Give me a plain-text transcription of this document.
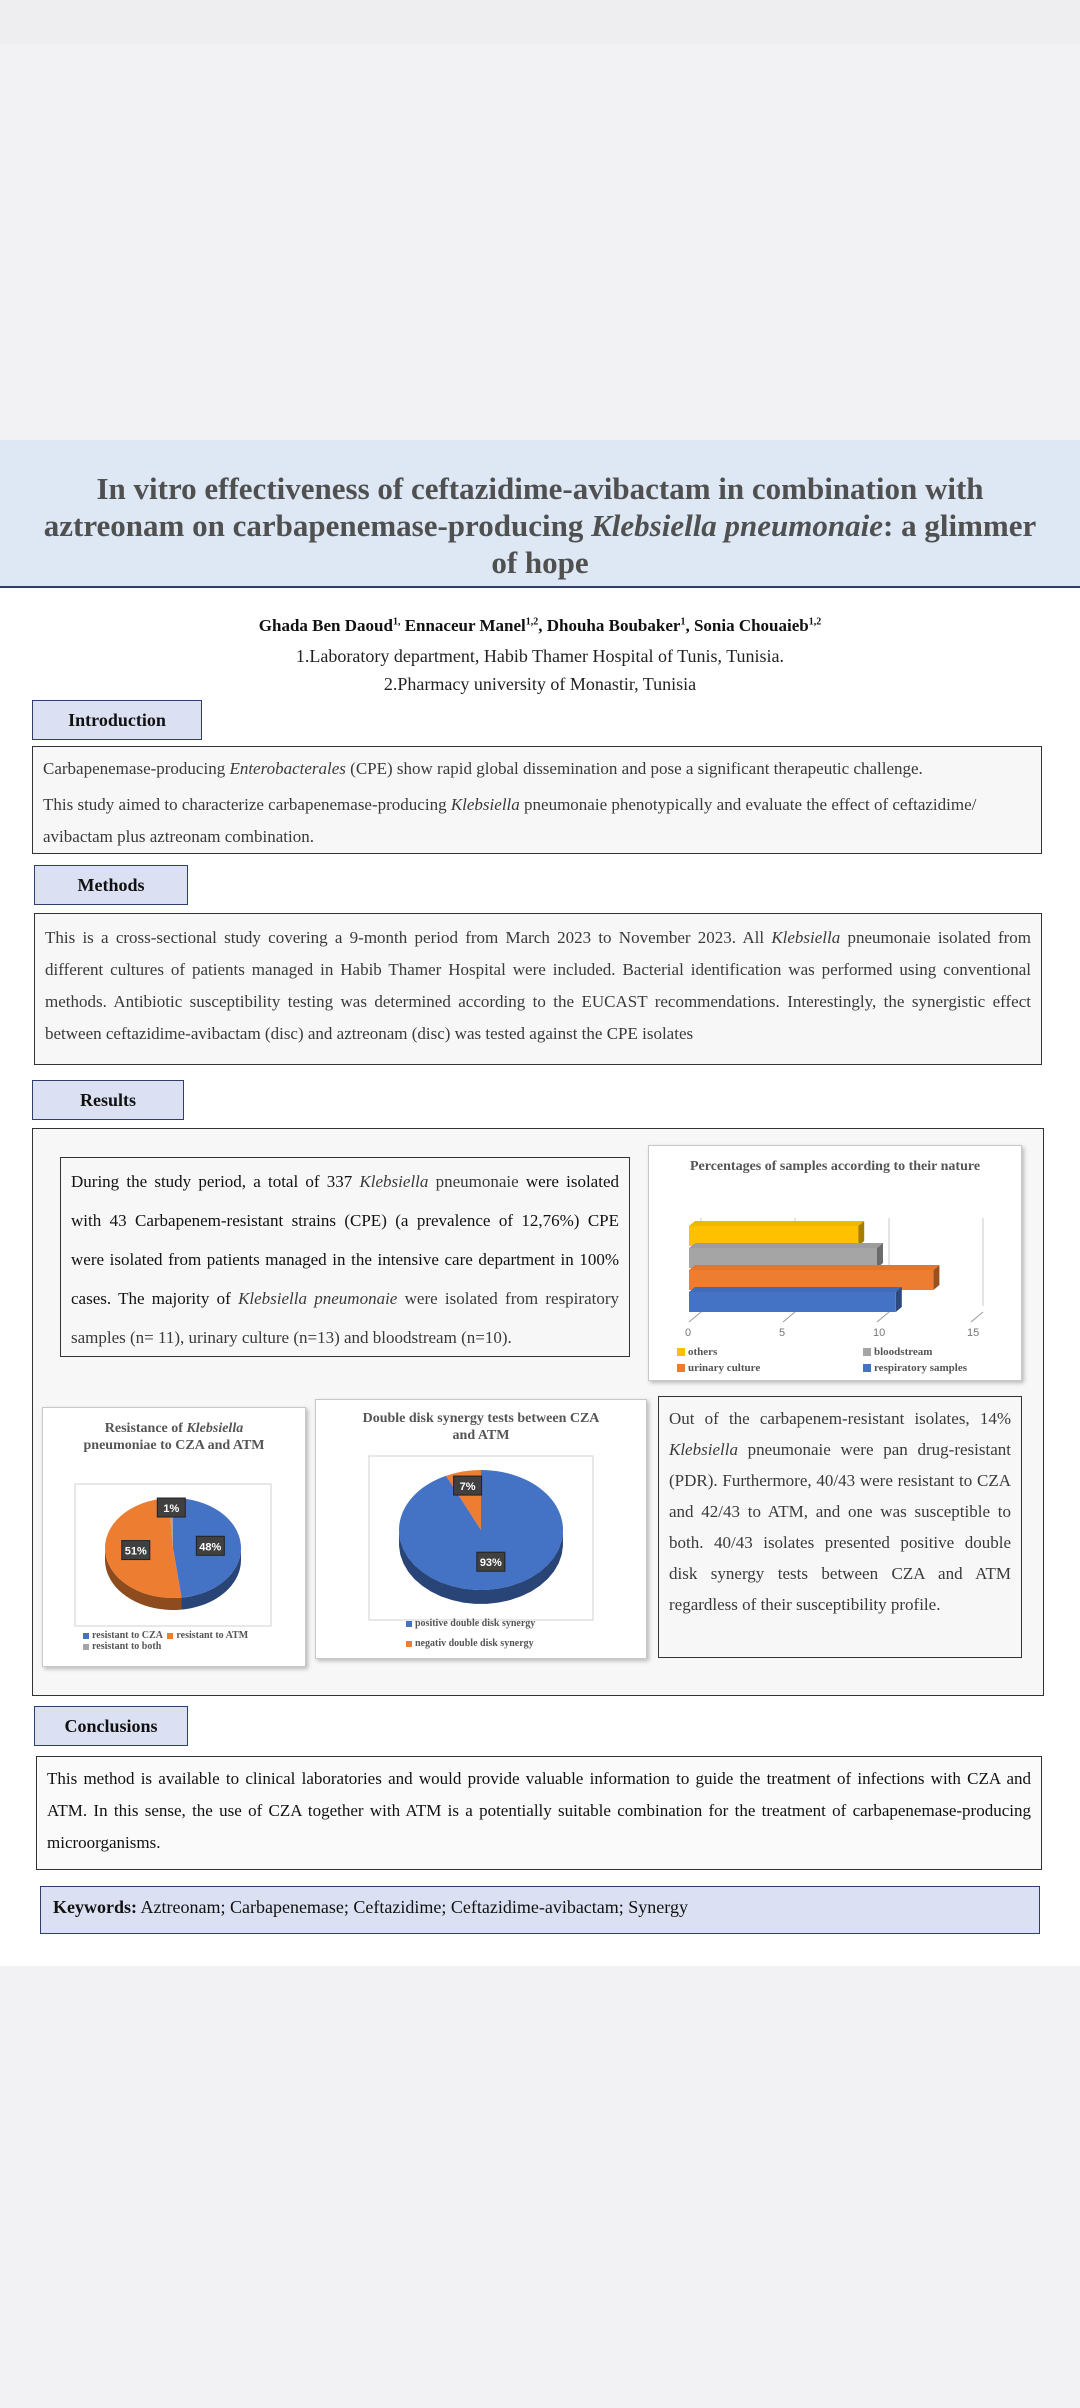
In vitro effectiveness of ceftazidime-avibactam in combination with
aztreonam on carbapenemase-producing Klebsiella pneumonaie: a glimmer
of hope
Ghada Ben Daoud$^{1,}$ Ennaceur Manel$^{1,2}$, Dhouha Boubaker$^1$, Sonia Chouaieb$^{1,2}$
1.Laboratory department, Habib Thamer Hospital of Tunis, Tunisia.
2.Pharmacy university of Monastir, Tunisia
Introduction

Carbapenemase-producing Enterobacterales (CPE) show rapid global dissemination and pose a significant therapeutic challenge.

This study aimed to characterize carbapenemase-producing Klebsiella pneumonaie phenotypically and evaluate the effect of ceftazidime/ avibactam plus aztreonam combination.

Methods

This is a cross-sectional study covering a 9-month period from March 2023 to November 2023. All Klebsiella pneumonaie isolated from different cultures of patients managed in Habib Thamer Hospital were included. Bacterial identification was performed using conventional methods. Antibiotic susceptibility testing was determined according to the EUCAST recommendations. Interestingly, the synergistic effect between ceftazidime-avibactam (disc) and aztreonam (disc) was tested against the CPE isolates

Results

During the study period, a total of 337 Klebsiella pneumonaie were isolated with 43 Carbapenem-resistant strains (CPE) (a prevalence of 12,76%) CPE were isolated from patients managed in the intensive care department in 100% cases. The majority of Klebsiella pneumonaie were isolated from respiratory samples (n= 11), urinary culture (n=13) and bloodstream (n=10).

Percentages of samples according to their nature
0	5	10	15
others	bloodstream
urinary culture	respiratory samples
Resistance of Klebsiella
pneumoniae to CZA and ATM
48%
51%
1%
resistant to CZA resistant to ATM
resistant to both
Double disk synergy tests between CZA and ATM
93%
7%
positive double disk synergy
negativ double disk synergy

Out of the carbapenem-resistant isolates, 14% Klebsiella pneumonaie were pan drug-resistant (PDR). Furthermore, 40/43 were resistant to CZA and 42/43 to ATM, and one was susceptible to both. 40/43 isolates presented positive double disk synergy tests between CZA and ATM regardless of their susceptibility profile.

Conclusions

This method is available to clinical laboratories and would provide valuable information to guide the treatment of infections with CZA and ATM. In this sense, the use of CZA together with ATM is a potentially suitable combination for the treatment of carbapenemase-producing microorganisms.

Keywords: Aztreonam; Carbapenemase; Ceftazidime; Ceftazidime-avibactam; Synergy
